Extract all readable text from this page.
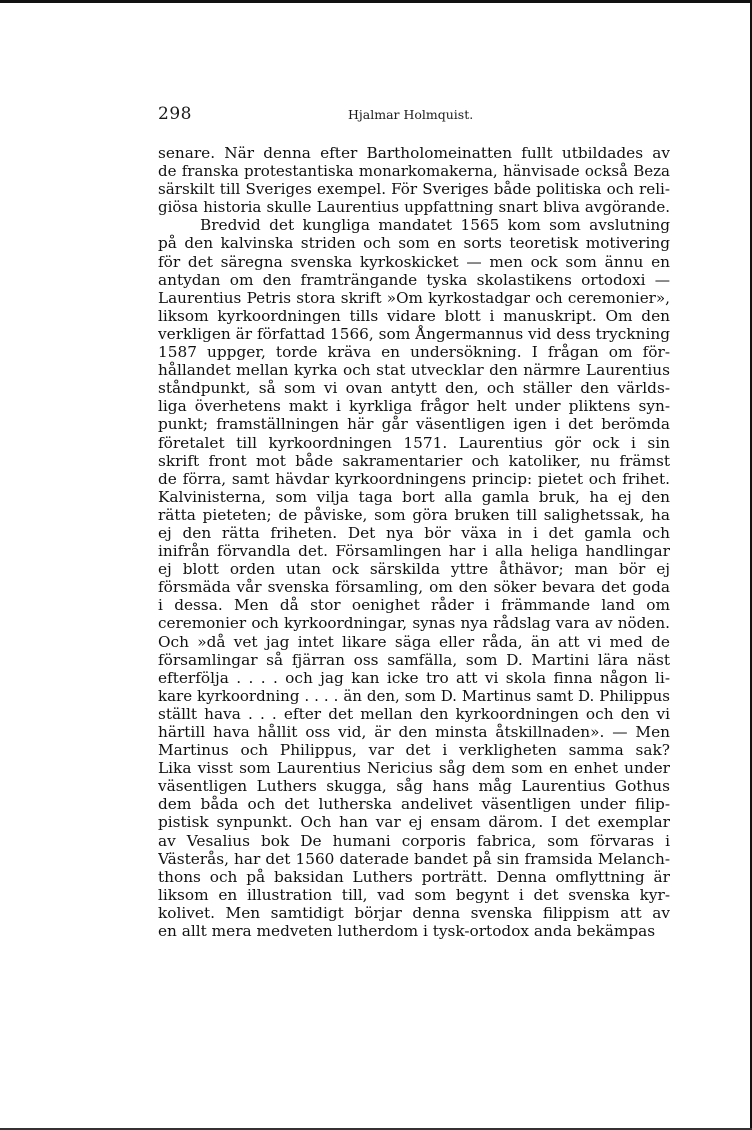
298	Hjalmar Holmquist.
senare. När denna efter Bartholomeinatten fullt utbildades av
de franska protestantiska monarkomakerna, hänvisade också Beza
särskilt till Sveriges exempel. För Sveriges både politiska och reli-
giösa historia skulle Laurentius uppfattning snart bliva avgörande.
Bredvid det kungliga mandatet 1565 kom som avslutning
på den kalvinska striden och som en sorts teoretisk motivering
för det säregna svenska kyrkoskicket — men ock som ännu en
antydan om den framträngande tyska skolastikens ortodoxi —
Laurentius Petris stora skrift »Om kyrkostadgar och ceremonier»,
liksom kyrkoordningen tills vidare blott i manuskript. Om den
verkligen är författad 1566, som Ångermannus vid dess tryckning
1587 uppger, torde kräva en undersökning. I frågan om för-
hållandet mellan kyrka och stat utvecklar den närmre Laurentius
ståndpunkt, så som vi ovan antytt den, och ställer den världs-
liga överhetens makt i kyrkliga frågor helt under pliktens syn-
punkt; framställningen här går väsentligen igen i det berömda
företalet till kyrkoordningen 1571. Laurentius gör ock i sin
skrift front mot både sakramentarier och katoliker, nu främst
de förra, samt hävdar kyrkoordningens princip: pietet och frihet.
Kalvinisterna, som vilja taga bort alla gamla bruk, ha ej den
rätta pieteten; de påviske, som göra bruken till salighetssak, ha
ej den rätta friheten. Det nya bör växa in i det gamla och
inifrån förvandla det. Församlingen har i alla heliga handlingar
ej blott orden utan ock särskilda yttre åthävor; man bör ej
försmäda vår svenska församling, om den söker bevara det goda
i dessa. Men då stor oenighet råder i främmande land om
ceremonier och kyrkoordningar, synas nya rådslag vara av nöden.
Och »då vet jag intet likare säga eller råda, än att vi med de
församlingar så fjärran oss samfälla, som D. Martini lära näst
efterfölja . . . . och jag kan icke tro att vi skola finna någon li-
kare kyrkoordning . . . . än den, som D. Martinus samt D. Philippus
ställt hava . . . efter det mellan den kyrkoordningen och den vi
härtill hava hållit oss vid, är den minsta åtskillnaden». — Men
Martinus och Philippus, var det i verkligheten samma sak?
Lika visst som Laurentius Nericius såg dem som en enhet under
väsentligen Luthers skugga, såg hans måg Laurentius Gothus
dem båda och det lutherska andelivet väsentligen under filip-
pistisk synpunkt. Och han var ej ensam därom. I det exemplar
av Vesalius bok De humani corporis fabrica, som förvaras i
Västerås, har det 1560 daterade bandet på sin framsida Melanch-
thons och på baksidan Luthers porträtt. Denna omflyttning är
liksom en illustration till, vad som begynt i det svenska kyr-
kolivet. Men samtidigt börjar denna svenska filippism att av
en allt mera medveten lutherdom i tysk-ortodox anda bekämpas
